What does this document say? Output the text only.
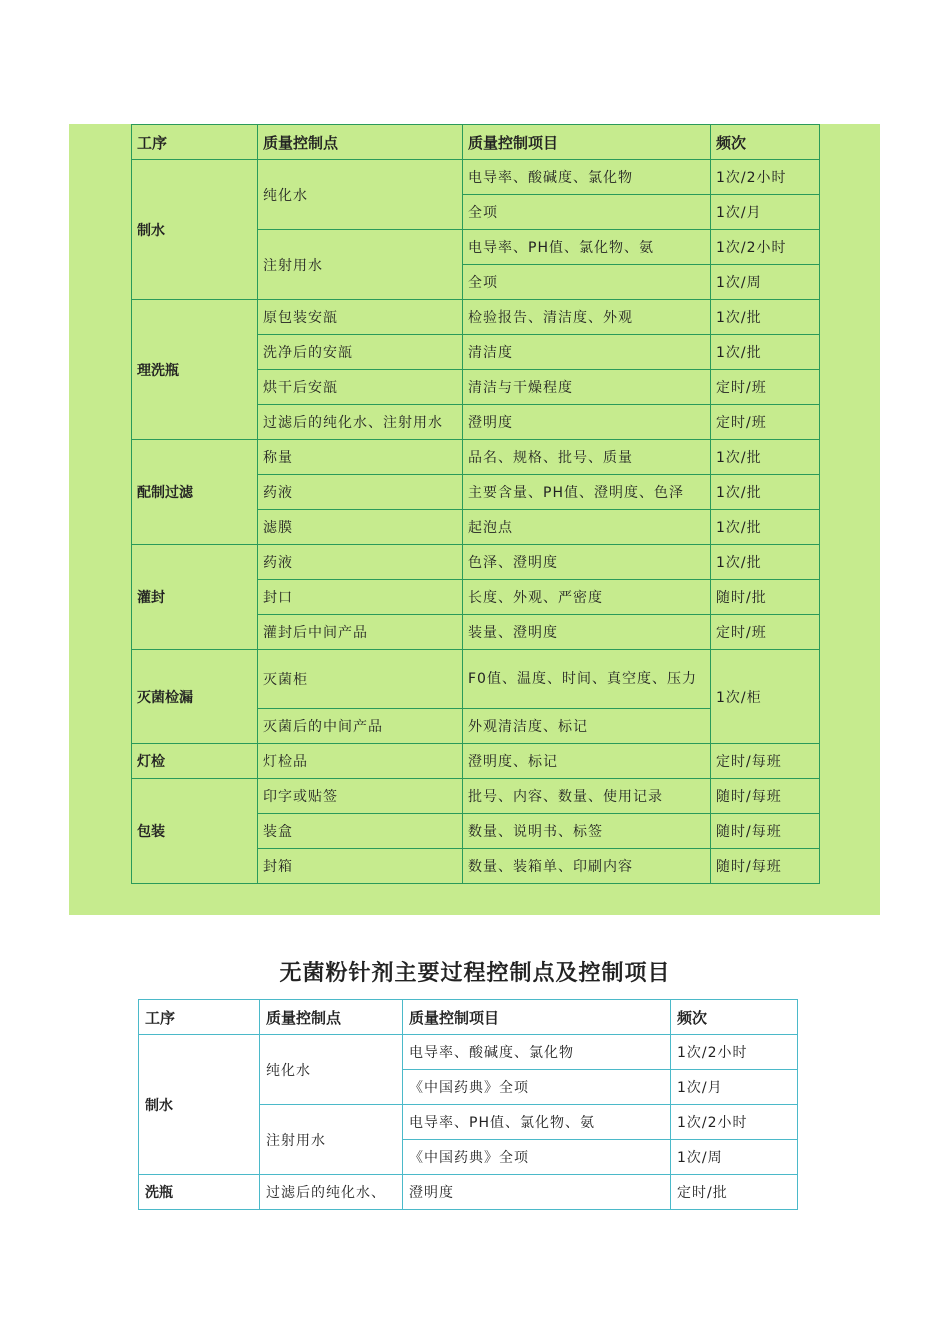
工序	质量控制点	质量控制项目	频次
制水	纯化水	电导率、酸碱度、氯化物	1次/2小时
		全项	1次/月
	注射用水	电导率、PH值、氯化物、氨	1次/2小时
		全项	1次/周
理洗瓶	原包装安瓿	检验报告、清洁度、外观	1次/批
	洗净后的安瓿	清洁度	1次/批
	烘干后安瓿	清洁与干燥程度	定时/班
	过滤后的纯化水、注射用水	澄明度	定时/班
配制过滤	称量	品名、规格、批号、质量	1次/批
	药液	主要含量、PH值、澄明度、色泽	1次/批
	滤膜	起泡点	1次/批
灌封	药液	色泽、澄明度	1次/批
	封口	长度、外观、严密度	随时/批
	灌封后中间产品	装量、澄明度	定时/班
灭菌检漏	灭菌柜	F0值、温度、时间、真空度、压力	1次/柜
	灭菌后的中间产品	外观清洁度、标记	
灯检	灯检品	澄明度、标记	定时/每班
包装	印字或贴签	批号、内容、数量、使用记录	随时/每班
	装盒	数量、说明书、标签	随时/每班
	封箱	数量、装箱单、印刷内容	随时/每班
无菌粉针剂主要过程控制点及控制项目
工序	质量控制点	质量控制项目	频次
制水	纯化水	电导率、酸碱度、氯化物	1次/2小时
		《中国药典》全项	1次/月
	注射用水	电导率、PH值、氯化物、氨	1次/2小时
		《中国药典》全项	1次/周
洗瓶	过滤后的纯化水、	澄明度	定时/批
